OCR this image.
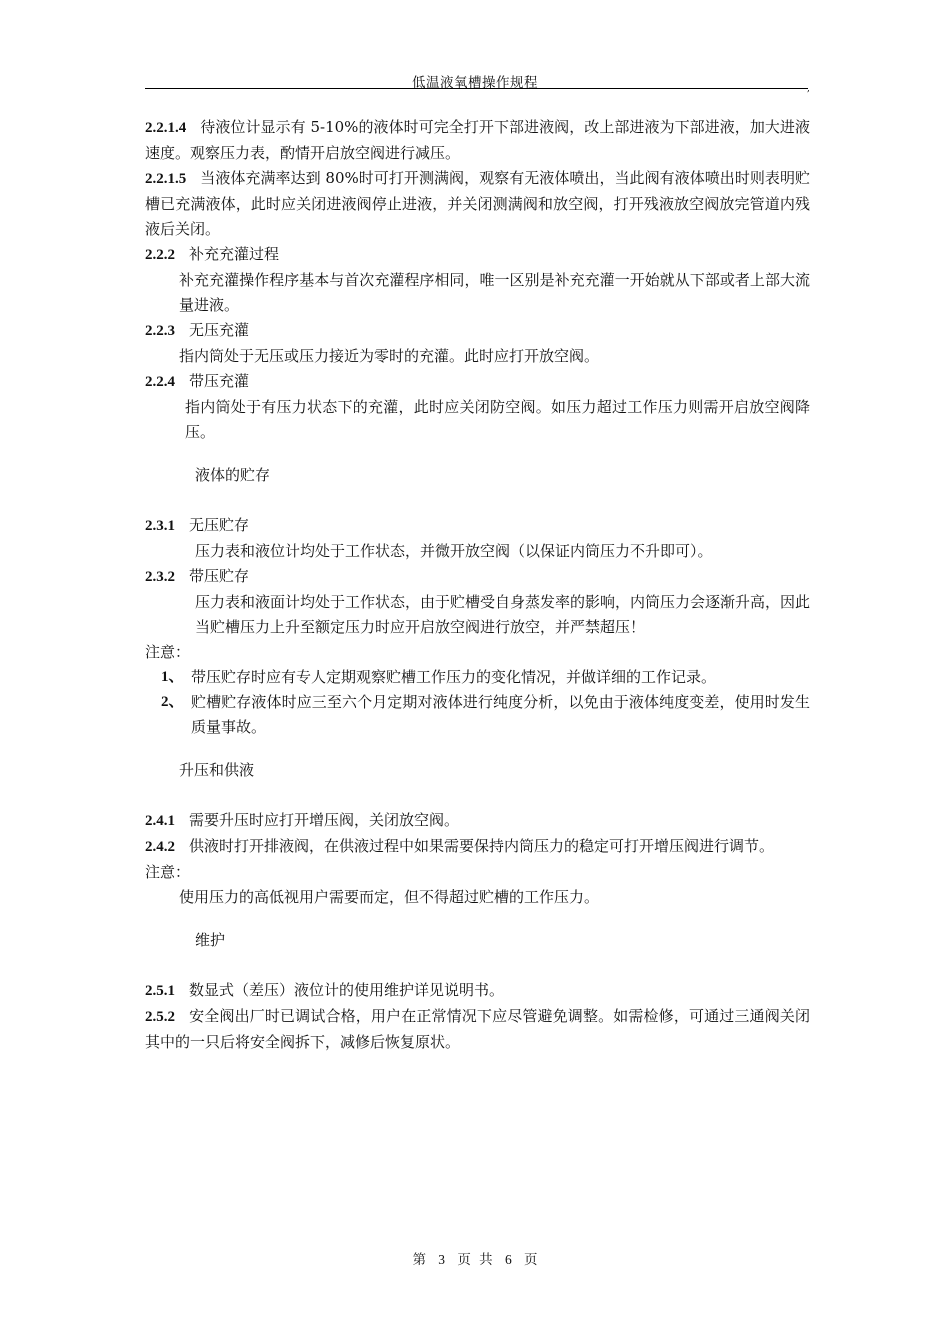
低温液氧槽操作规程	,

2.2.1.4 待液位计显示有 5-10%的液体时可完全打开下部进液阀，改上部进液为下部进液，加大进液速度。观察压力表，酌情开启放空阀进行减压。

2.2.1.5 当液体充满率达到 80%时可打开测满阀，观察有无液体喷出，当此阀有液体喷出时则表明贮槽已充满液体，此时应关闭进液阀停止进液，并关闭测满阀和放空阀，打开残液放空阀放完管道内残液后关闭。

2.2.2 补充充灌过程

补充充灌操作程序基本与首次充灌程序相同，唯一区别是补充充灌一开始就从下部或者上部大流量进液。

2.2.3 无压充灌

指内筒处于无压或压力接近为零时的充灌。此时应打开放空阀。

2.2.4 带压充灌

指内筒处于有压力状态下的充灌，此时应关闭防空阀。如压力超过工作压力则需开启放空阀降压。

液体的贮存

2.3.1 无压贮存

压力表和液位计均处于工作状态，并微开放空阀（以保证内筒压力不升即可）。

2.3.2 带压贮存

压力表和液面计均处于工作状态，由于贮槽受自身蒸发率的影响，内筒压力会逐渐升高，因此当贮槽压力上升至额定压力时应开启放空阀进行放空，并严禁超压！

注意：

1、 带压贮存时应有专人定期观察贮槽工作压力的变化情况，并做详细的工作记录。

2、 贮槽贮存液体时应三至六个月定期对液体进行纯度分析，以免由于液体纯度变差，使用时发生质量事故。

升压和供液

2.4.1 需要升压时应打开增压阀，关闭放空阀。

2.4.2 供液时打开排液阀，在供液过程中如果需要保持内筒压力的稳定可打开增压阀进行调节。

注意：

使用压力的高低视用户需要而定，但不得超过贮槽的工作压力。

维护

2.5.1 数显式（差压）液位计的使用维护详见说明书。

2.5.2 安全阀出厂时已调试合格，用户在正常情况下应尽管避免调整。如需检修，可通过三通阀关闭其中的一只后将安全阀拆下，减修后恢复原状。

第 3 页 共 6 页
